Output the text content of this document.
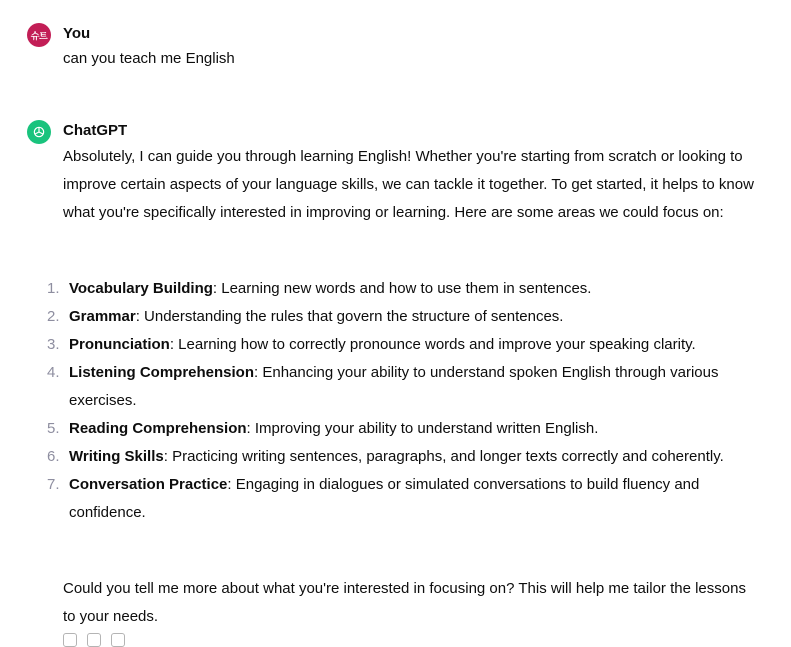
슈트 You
can you teach me English
ChatGPT
Absolutely, I can guide you through learning English! Whether you're starting from scratch or looking to improve certain aspects of your language skills, we can tackle it together. To get started, it helps to know what you're specifically interested in improving or learning. Here are some areas we could focus on:
1. Vocabulary Building: Learning new words and how to use them in sentences.
2. Grammar: Understanding the rules that govern the structure of sentences.
3. Pronunciation: Learning how to correctly pronounce words and improve your speaking clarity.
4. Listening Comprehension: Enhancing your ability to understand spoken English through various exercises.
5. Reading Comprehension: Improving your ability to understand written English.
6. Writing Skills: Practicing writing sentences, paragraphs, and longer texts correctly and coherently.
7. Conversation Practice: Engaging in dialogues or simulated conversations to build fluency and confidence.
Could you tell me more about what you're interested in focusing on? This will help me tailor the lessons to your needs.
